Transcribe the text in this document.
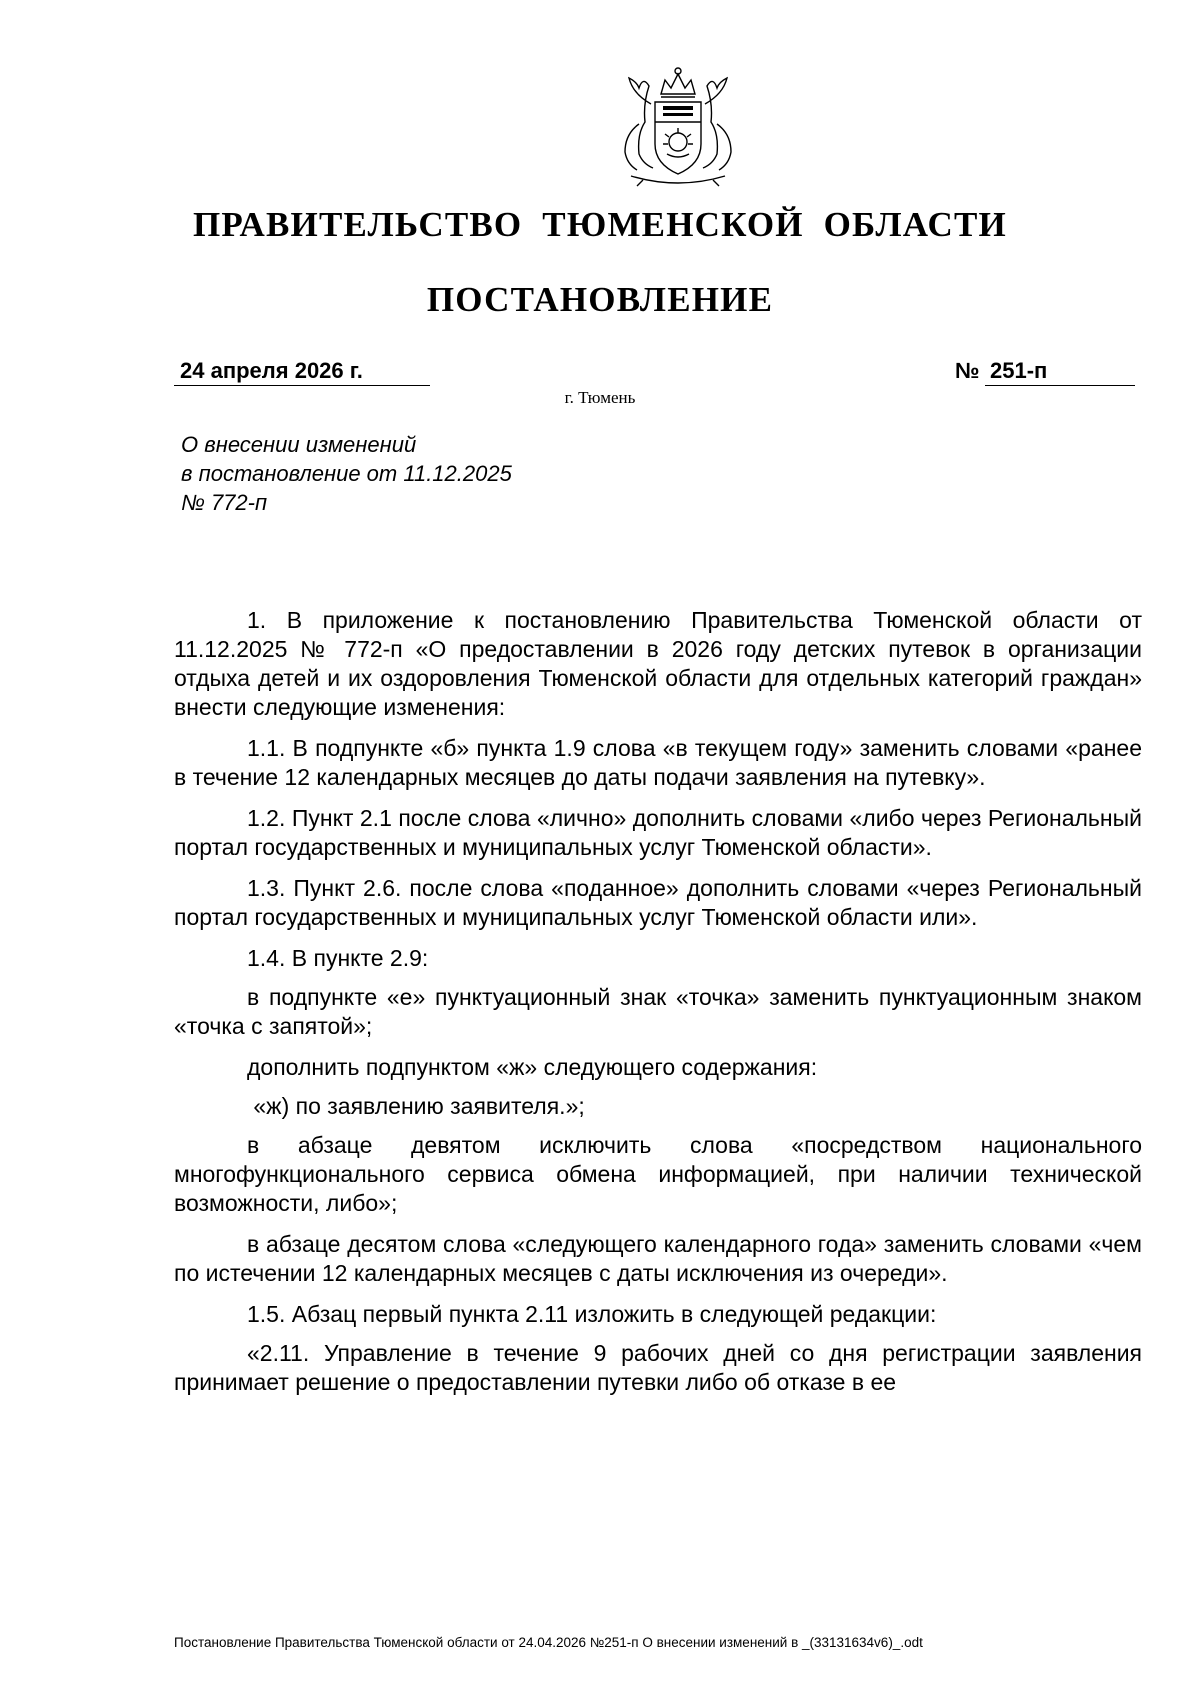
ПРАВИТЕЛЬСТВО ТЮМЕНСКОЙ ОБЛАСТИ
ПОСТАНОВЛЕНИЕ
24 апреля 2026 г.	№ 251-п
г. Тюмень
О внесении изменений
в постановление от 11.12.2025
№ 772-п

1. В приложение к постановлению Правительства Тюменской области от 11.12.2025 № 772-п «О предоставлении в 2026 году детских путевок в организации отдыха детей и их оздоровления Тюменской области для отдельных категорий граждан» внести следующие изменения:

1.1. В подпункте «б» пункта 1.9 слова «в текущем году» заменить словами «ранее в течение 12 календарных месяцев до даты подачи заявления на путевку».

1.2. Пункт 2.1 после слова «лично» дополнить словами «либо через Региональный портал государственных и муниципальных услуг Тюменской области».

1.3. Пункт 2.6. после слова «поданное» дополнить словами «через Региональный портал государственных и муниципальных услуг Тюменской области или».

1.4. В пункте 2.9:

в подпункте «е» пунктуационный знак «точка» заменить пунктуационным знаком «точка с запятой»;

дополнить подпунктом «ж» следующего содержания:

«ж) по заявлению заявителя.»;

в абзаце девятом исключить слова «посредством национального многофункционального сервиса обмена информацией, при наличии технической возможности, либо»;

в абзаце десятом слова «следующего календарного года» заменить словами «чем по истечении 12 календарных месяцев с даты исключения из очереди».

1.5. Абзац первый пункта 2.11 изложить в следующей редакции:

«2.11. Управление в течение 9 рабочих дней со дня регистрации заявления принимает решение о предоставлении путевки либо об отказе в ее

Постановление Правительства Тюменской области от 24.04.2026 №251-п О внесении изменений в _(33131634v6)_.odt
